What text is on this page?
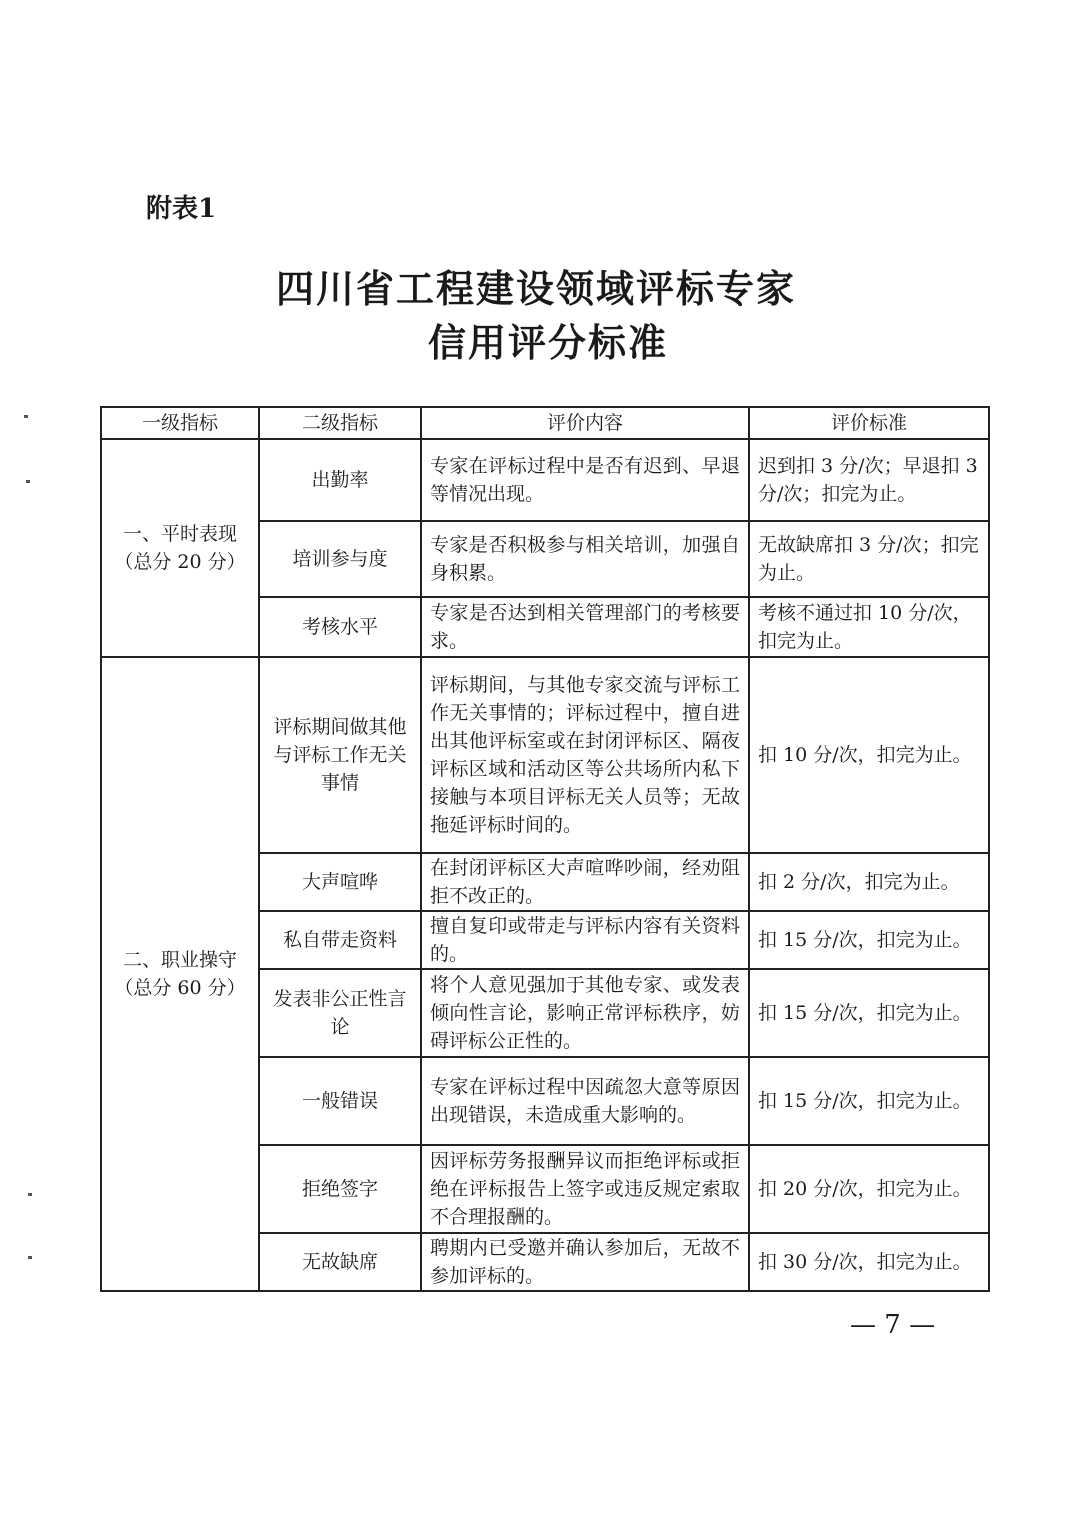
附表1
四川省工程建设领域评标专家
信用评分标准
一级指标	二级指标	评价内容	评价标准

一、平时表现
（总分 20 分）	出勤率	专家在评标过程中是否有迟到、早退等情况出现。	迟到扣 3 分/次；早退扣 3 分/次；扣完为止。
	培训参与度	专家是否积极参与相关培训，加强自身积累。	无故缺席扣 3 分/次；扣完为止。
	考核水平	专家是否达到相关管理部门的考核要求。	考核不通过扣 10 分/次，扣完为止。

二、职业操守
（总分 60 分）	评标期间做其他与评标工作无关事情	评标期间，与其他专家交流与评标工作无关事情的；评标过程中，擅自进出其他评标室或在封闭评标区、隔夜评标区域和活动区等公共场所内私下接触与本项目评标无关人员等；无故拖延评标时间的。	扣 10 分/次，扣完为止。
	大声喧哗	在封闭评标区大声喧哗吵闹，经劝阻拒不改正的。	扣 2 分/次，扣完为止。
	私自带走资料	擅自复印或带走与评标内容有关资料的。	扣 15 分/次，扣完为止。
	发表非公正性言论	将个人意见强加于其他专家、或发表倾向性言论，影响正常评标秩序，妨碍评标公正性的。	扣 15 分/次，扣完为止。
	一般错误	专家在评标过程中因疏忽大意等原因出现错误，未造成重大影响的。	扣 15 分/次，扣完为止。
	拒绝签字	因评标劳务报酬异议而拒绝评标或拒绝在评标报告上签字或违反规定索取不合理报酬的。	扣 20 分/次，扣完为止。
	无故缺席	聘期内已受邀并确认参加后，无故不参加评标的。	扣 30 分/次，扣完为止。
— 7 —
